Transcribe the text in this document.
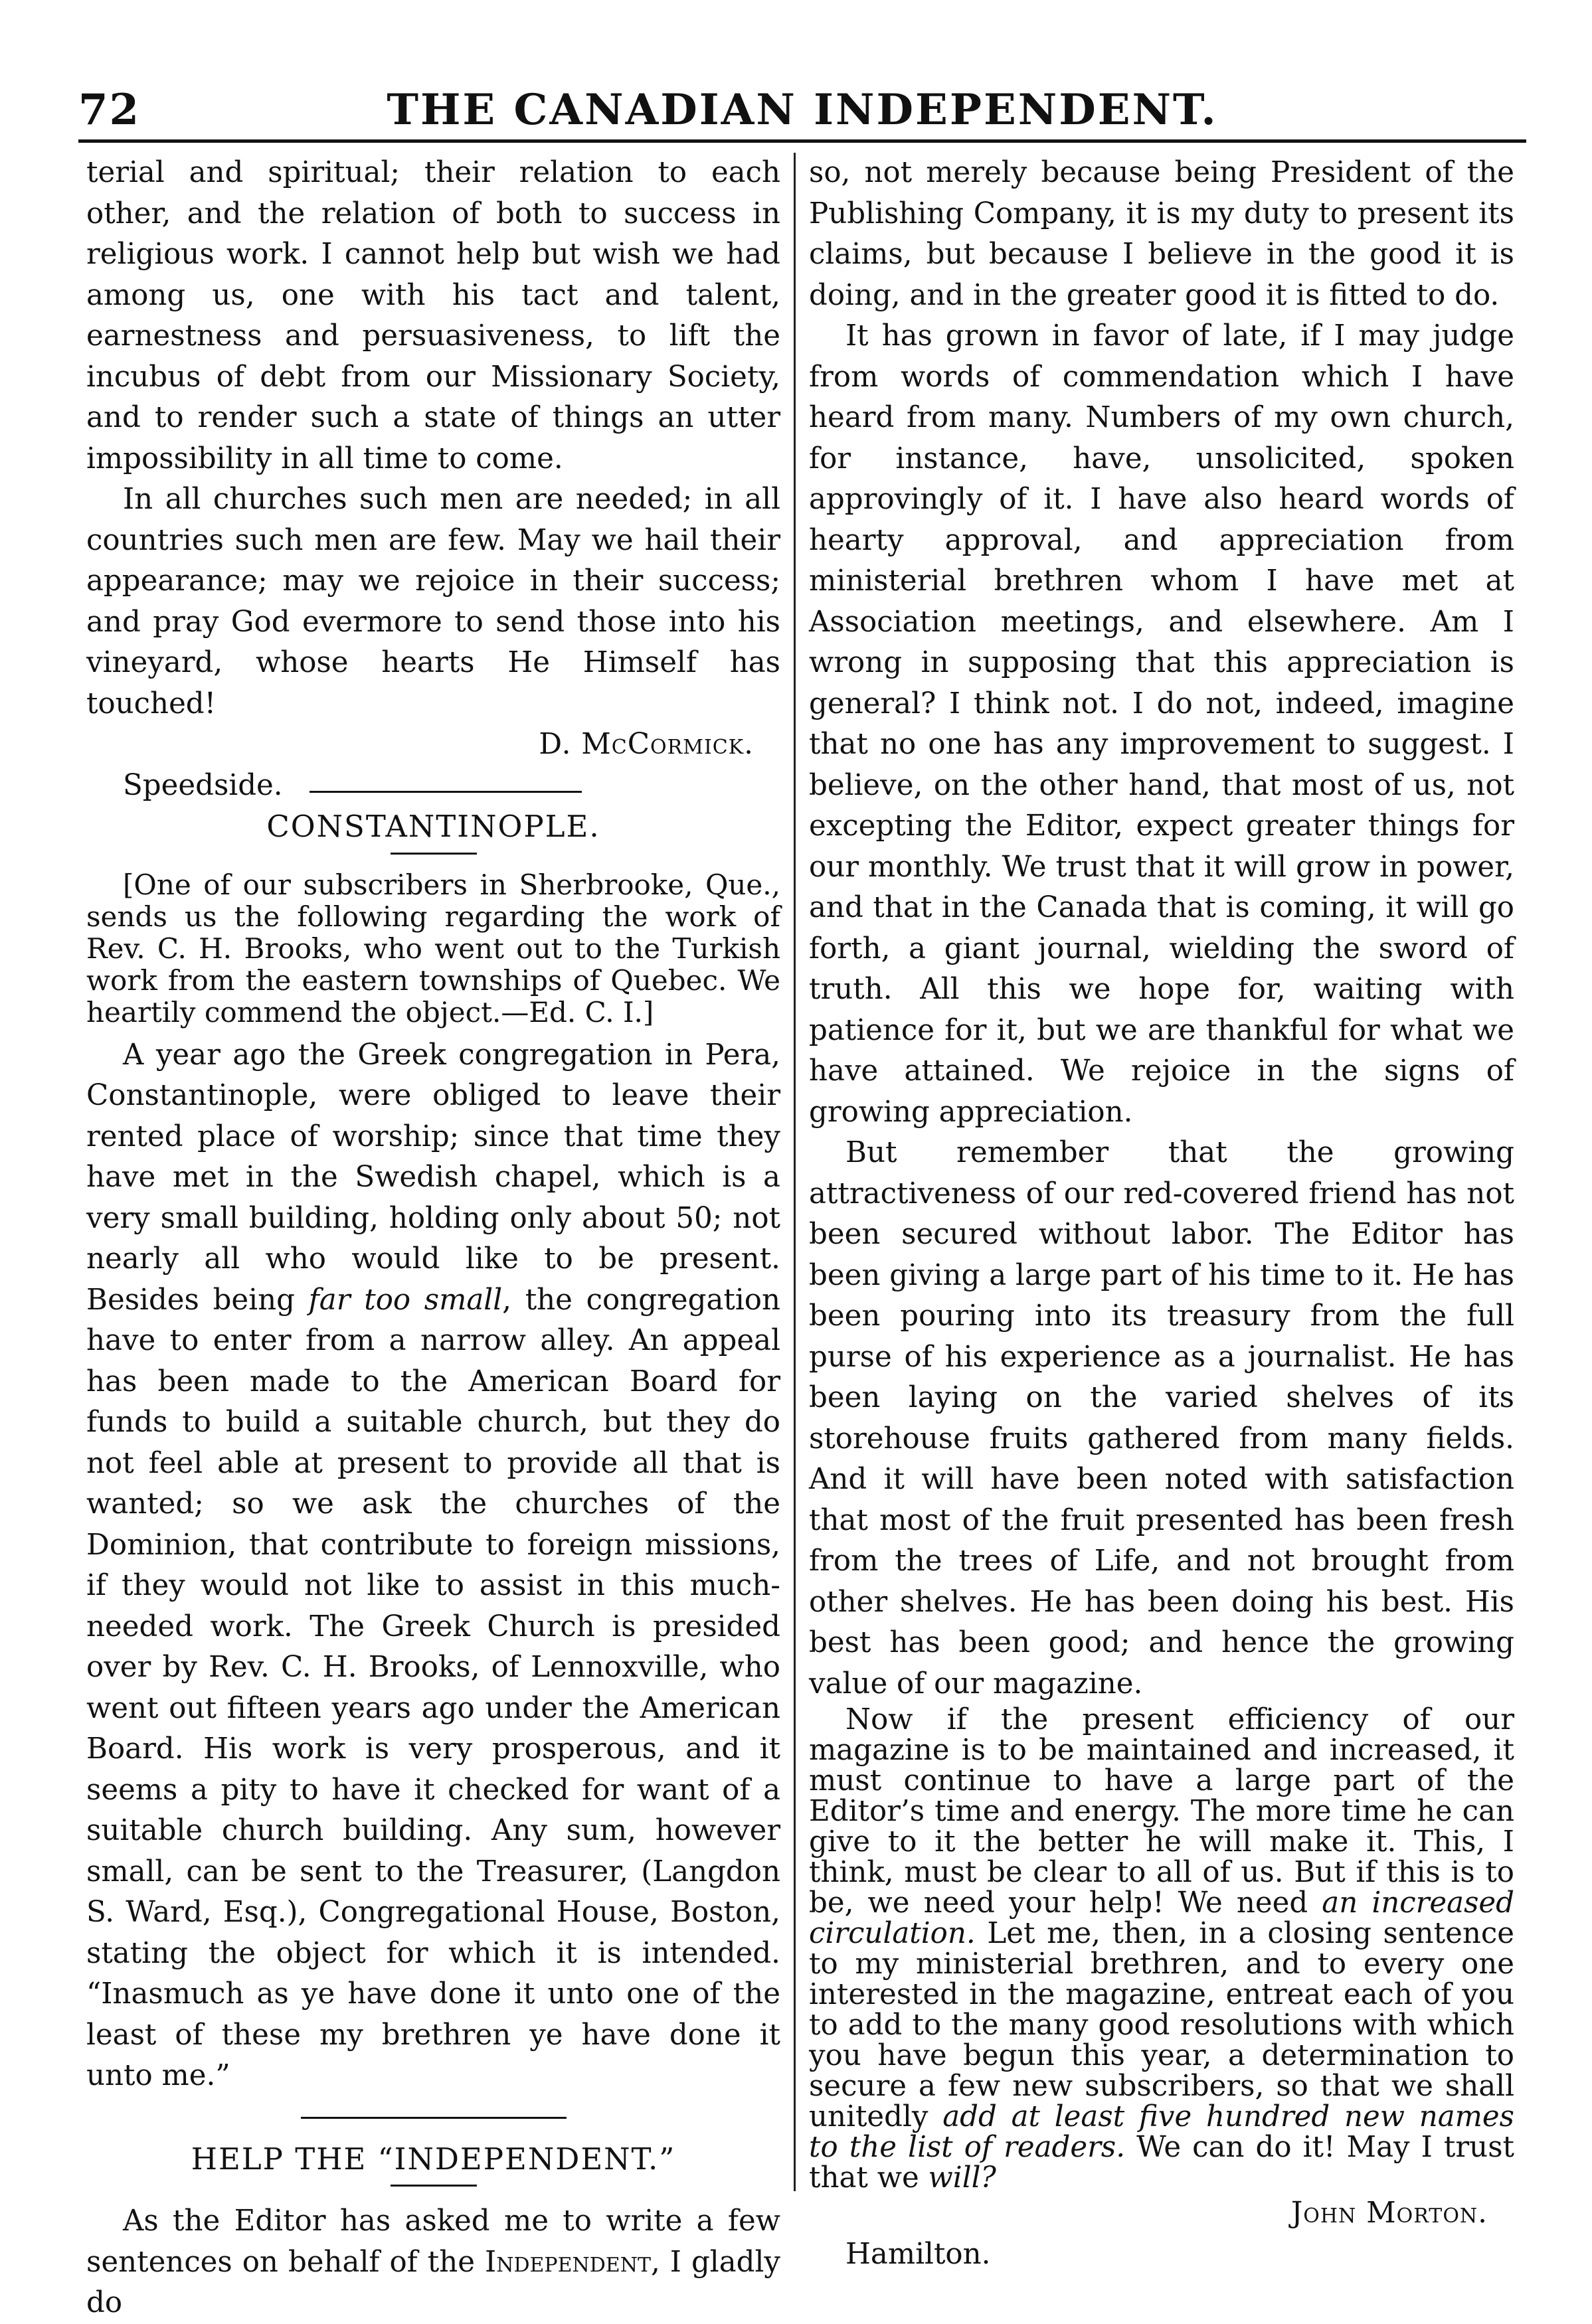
72	THE CANADIAN INDEPENDENT.

terial and spiritual; their relation to each other, and the relation of both to success in religious work. I cannot help but wish we had among us, one with his tact and talent, earnestness and persuasiveness, to lift the incubus of debt from our Missionary Society, and to render such a state of things an utter impossibility in all time to come.

In all churches such men are needed; in all countries such men are few. May we hail their appearance; may we rejoice in their success; and pray God evermore to send those into his vineyard, whose hearts He Himself has touched!

D. McCormick.

Speedside.

CONSTANTINOPLE.

[One of our subscribers in Sherbrooke, Que., sends us the following regarding the work of Rev. C. H. Brooks, who went out to the Turkish work from the eastern townships of Quebec. We heartily commend the object.—Ed. C. I.]

A year ago the Greek congregation in Pera, Constantinople, were obliged to leave their rented place of worship; since that time they have met in the Swedish chapel, which is a very small building, holding only about 50; not nearly all who would like to be present. Besides being far too small, the congregation have to enter from a narrow alley. An appeal has been made to the American Board for funds to build a suitable church, but they do not feel able at present to provide all that is wanted; so we ask the churches of the Dominion, that contribute to foreign missions, if they would not like to assist in this much-needed work. The Greek Church is presided over by Rev. C. H. Brooks, of Lennoxville, who went out fifteen years ago under the American Board. His work is very prosperous, and it seems a pity to have it checked for want of a suitable church building. Any sum, however small, can be sent to the Treasurer, (Langdon S. Ward, Esq.), Congregational House, Boston, stating the object for which it is intended. “Inasmuch as ye have done it unto one of the least of these my brethren ye have done it unto me.”

HELP THE “INDEPENDENT.”

As the Editor has asked me to write a few sentences on behalf of the Independent, I gladly do

so, not merely because being President of the Publishing Company, it is my duty to present its claims, but because I believe in the good it is doing, and in the greater good it is fitted to do.

It has grown in favor of late, if I may judge from words of commendation which I have heard from many. Numbers of my own church, for instance, have, unsolicited, spoken approvingly of it. I have also heard words of hearty approval, and appreciation from ministerial brethren whom I have met at Association meetings, and elsewhere. Am I wrong in supposing that this appreciation is general? I think not. I do not, indeed, imagine that no one has any improvement to suggest. I believe, on the other hand, that most of us, not excepting the Editor, expect greater things for our monthly. We trust that it will grow in power, and that in the Canada that is coming, it will go forth, a giant journal, wielding the sword of truth. All this we hope for, waiting with patience for it, but we are thankful for what we have attained. We rejoice in the signs of growing appreciation.

But remember that the growing attractiveness of our red-covered friend has not been secured without labor. The Editor has been giving a large part of his time to it. He has been pouring into its treasury from the full purse of his experience as a journalist. He has been laying on the varied shelves of its storehouse fruits gathered from many fields. And it will have been noted with satisfaction that most of the fruit presented has been fresh from the trees of Life, and not brought from other shelves. He has been doing his best. His best has been good; and hence the growing value of our magazine.

Now if the present efficiency of our magazine is to be maintained and increased, it must continue to have a large part of the Editor’s time and energy. The more time he can give to it the better he will make it. This, I think, must be clear to all of us. But if this is to be, we need your help! We need an increased circulation. Let me, then, in a closing sentence to my ministerial brethren, and to every one interested in the magazine, entreat each of you to add to the many good resolutions with which you have begun this year, a determination to secure a few new subscribers, so that we shall unitedly add at least five hundred new names to the list of readers. We can do it! May I trust that we will?

John Morton.

Hamilton.
